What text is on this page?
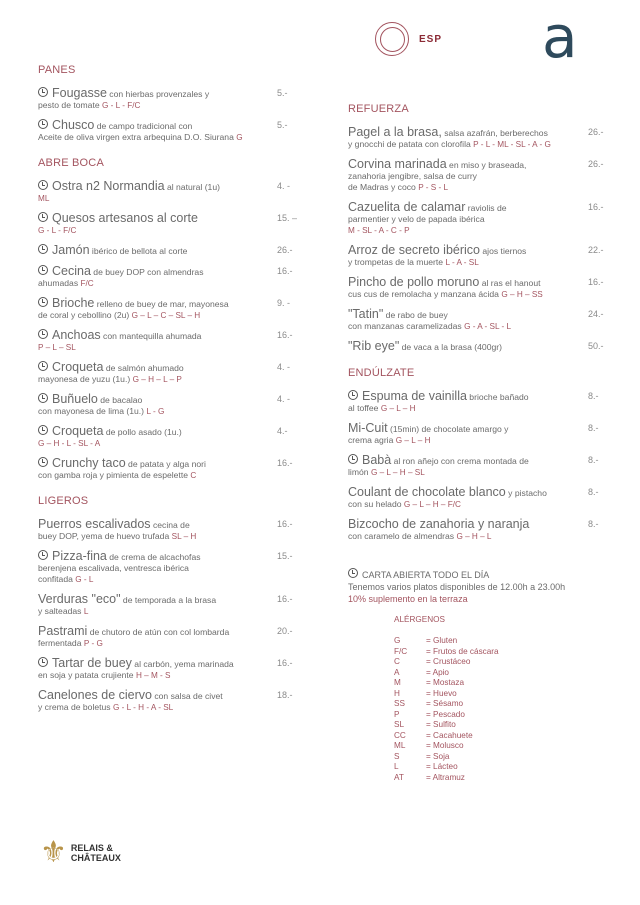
ESP a
PANES
Fougasse con hierbas provenzales y
pesto de tomate G - L - F/C
5.-
Chusco de campo tradicional con
Aceite de oliva virgen extra arbequina D.O. Siurana G
5.-
ABRE BOCA
Ostra n2 Normandia al natural (1u)
ML
4. -
Quesos artesanos al corte
G - L - F/C
15. –
Jamón ibérico de bellota al corte	26.-
Cecina de buey DOP con almendras
ahumadas F/C
16.-
Brioche relleno de buey de mar, mayonesa
de coral y cebollino (2u) G – L – C – SL – H
9. -
Anchoas con mantequilla ahumada
P – L – SL
16.-
Croqueta de salmón ahumado
mayonesa de yuzu (1u.) G – H – L – P
4. -
Buñuelo de bacalao
con mayonesa de lima (1u.) L - G
4. -
Croqueta de pollo asado (1u.)
G – H - L - SL - A
4.-
Crunchy taco de patata y alga nori
con gamba roja y pimienta de espelette C
16.-
LIGEROS
Puerros escalivados cecina de
buey DOP, yema de huevo trufada SL – H
16.-
Pizza-fina de crema de alcachofas
berenjena escalivada, ventresca ibérica
confitada G - L
15.-
Verduras "eco" de temporada a la brasa
y salteadas L
16.-
Pastrami de chutoro de atún con col lombarda
fermentada P - G
20.-
Tartar de buey al carbón, yema marinada
en soja y patata crujiente H – M - S
16.-
Canelones de ciervo con salsa de civet
y crema de boletus G - L - H - A - SL
18.-
REFUERZA
Pagel a la brasa, salsa azafrán, berberechos
y gnocchi de patata con clorofila P - L - ML - SL - A - G
26.-
Corvina marinada en miso y braseada,
zanahoria jengibre, salsa de curry
de Madras y coco P - S - L
26.-
Cazuelita de calamar raviolis de
parmentier y velo de papada ibérica
M - SL - A - C - P
16.-
Arroz de secreto ibérico ajos tiernos
y trompetas de la muerte L - A - SL
22.-
Pincho de pollo moruno al ras el hanout
cus cus de remolacha y manzana ácida G – H – SS
16.-
"Tatin" de rabo de buey
con manzanas caramelizadas G - A - SL - L
24.-
"Rib eye" de vaca a la brasa (400gr)	50.-
ENDÚLZATE
Espuma de vainilla brioche bañado
al toffee G – L – H
8.-
Mi-Cuit (15min) de chocolate amargo y
crema agria G – L – H
8.-
Babà al ron añejo con crema montada de
limón G – L – H – SL
8.-
Coulant de chocolate blanco y pistacho
con su helado G – L – H – F/C
8.-
Bizcocho de zanahoria y naranja
con caramelo de almendras G – H – L
8.-
CARTA ABIERTA TODO EL DÍA
Tenemos varios platos disponibles de 12.00h a 23.00h
10% suplemento en la terraza
ALÉRGENOS
G	= Gluten
F/C	= Frutos de cáscara
C	= Crustáceo
A	= Apio
M	= Mostaza
H	= Huevo
SS	= Sésamo
P	= Pescado
SL	= Sulfito
CC	= Cacahuete
ML	= Molusco
S	= Soja
L	= Lácteo
AT	= Altramuz
⚜ RELAIS &
CHÂTEAUX
